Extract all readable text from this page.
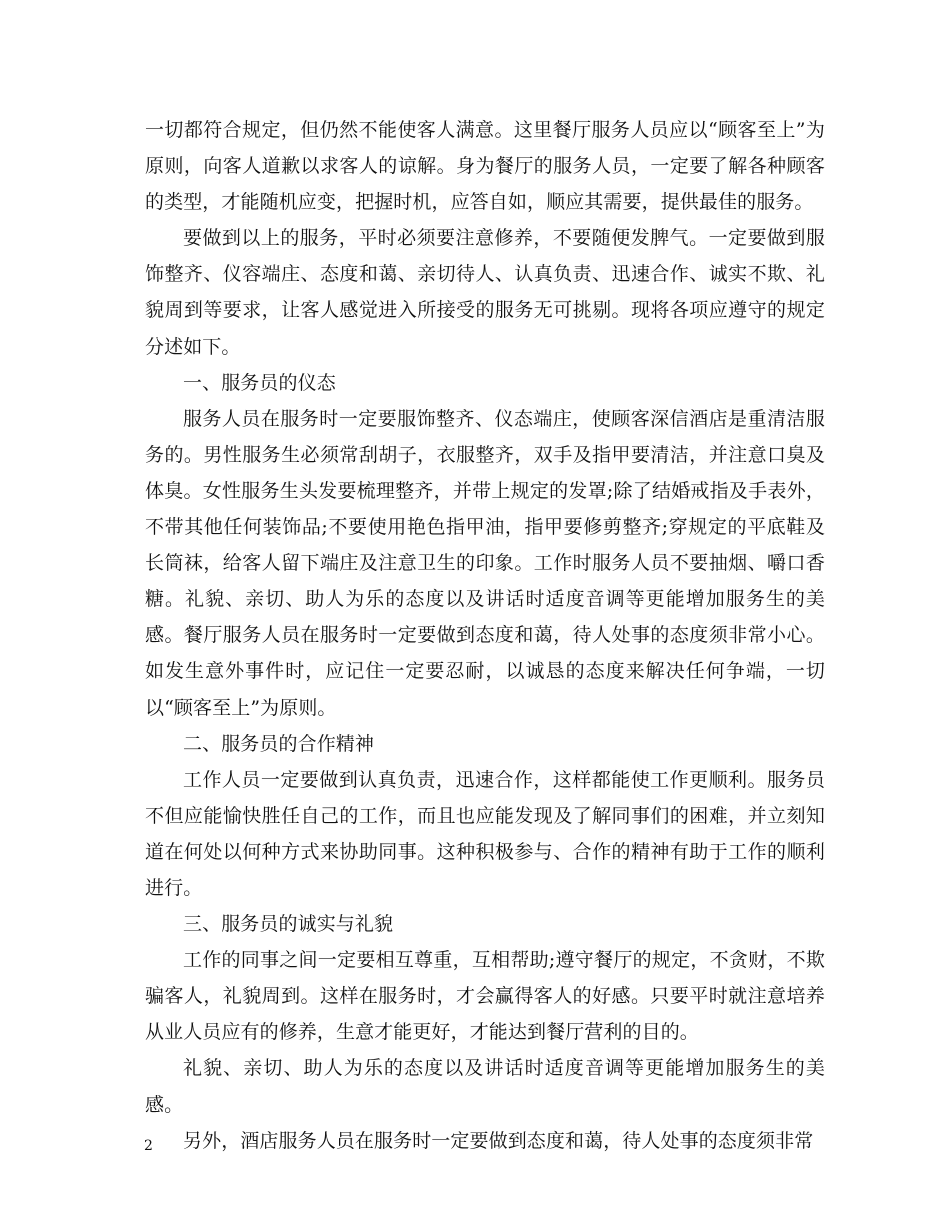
一切都符合规定，但仍然不能使客人满意。这里餐厅服务人员应以“顾客至上”为原则，向客人道歉以求客人的谅解。身为餐厅的服务人员，一定要了解各种顾客的类型，才能随机应变，把握时机，应答自如，顺应其需要，提供最佳的服务。

要做到以上的服务，平时必须要注意修养，不要随便发脾气。一定要做到服饰整齐、仪容端庄、态度和蔼、亲切待人、认真负责、迅速合作、诚实不欺、礼貌周到等要求，让客人感觉进入所接受的服务无可挑剔。现将各项应遵守的规定分述如下。

一、服务员的仪态

服务人员在服务时一定要服饰整齐、仪态端庄，使顾客深信酒店是重清洁服务的。男性服务生必须常刮胡子，衣服整齐，双手及指甲要清洁，并注意口臭及体臭。女性服务生头发要梳理整齐，并带上规定的发罩;除了结婚戒指及手表外，不带其他任何装饰品;不要使用艳色指甲油，指甲要修剪整齐;穿规定的平底鞋及长筒袜，给客人留下端庄及注意卫生的印象。工作时服务人员不要抽烟、嚼口香糖。礼貌、亲切、助人为乐的态度以及讲话时适度音调等更能增加服务生的美感。餐厅服务人员在服务时一定要做到态度和蔼，待人处事的态度须非常小心。如发生意外事件时，应记住一定要忍耐，以诚恳的态度来解决任何争端，一切以“顾客至上”为原则。

二、服务员的合作精神

工作人员一定要做到认真负责，迅速合作，这样都能使工作更顺利。服务员不但应能愉快胜任自己的工作，而且也应能发现及了解同事们的困难，并立刻知道在何处以何种方式来协助同事。这种积极参与、合作的精神有助于工作的顺利进行。

三、服务员的诚实与礼貌

工作的同事之间一定要相互尊重，互相帮助;遵守餐厅的规定，不贪财，不欺骗客人，礼貌周到。这样在服务时，才会赢得客人的好感。只要平时就注意培养从业人员应有的修养，生意才能更好，才能达到餐厅营利的目的。

礼貌、亲切、助人为乐的态度以及讲话时适度音调等更能增加服务生的美感。

另外，酒店服务人员在服务时一定要做到态度和蔼，待人处事的态度须非常

2
